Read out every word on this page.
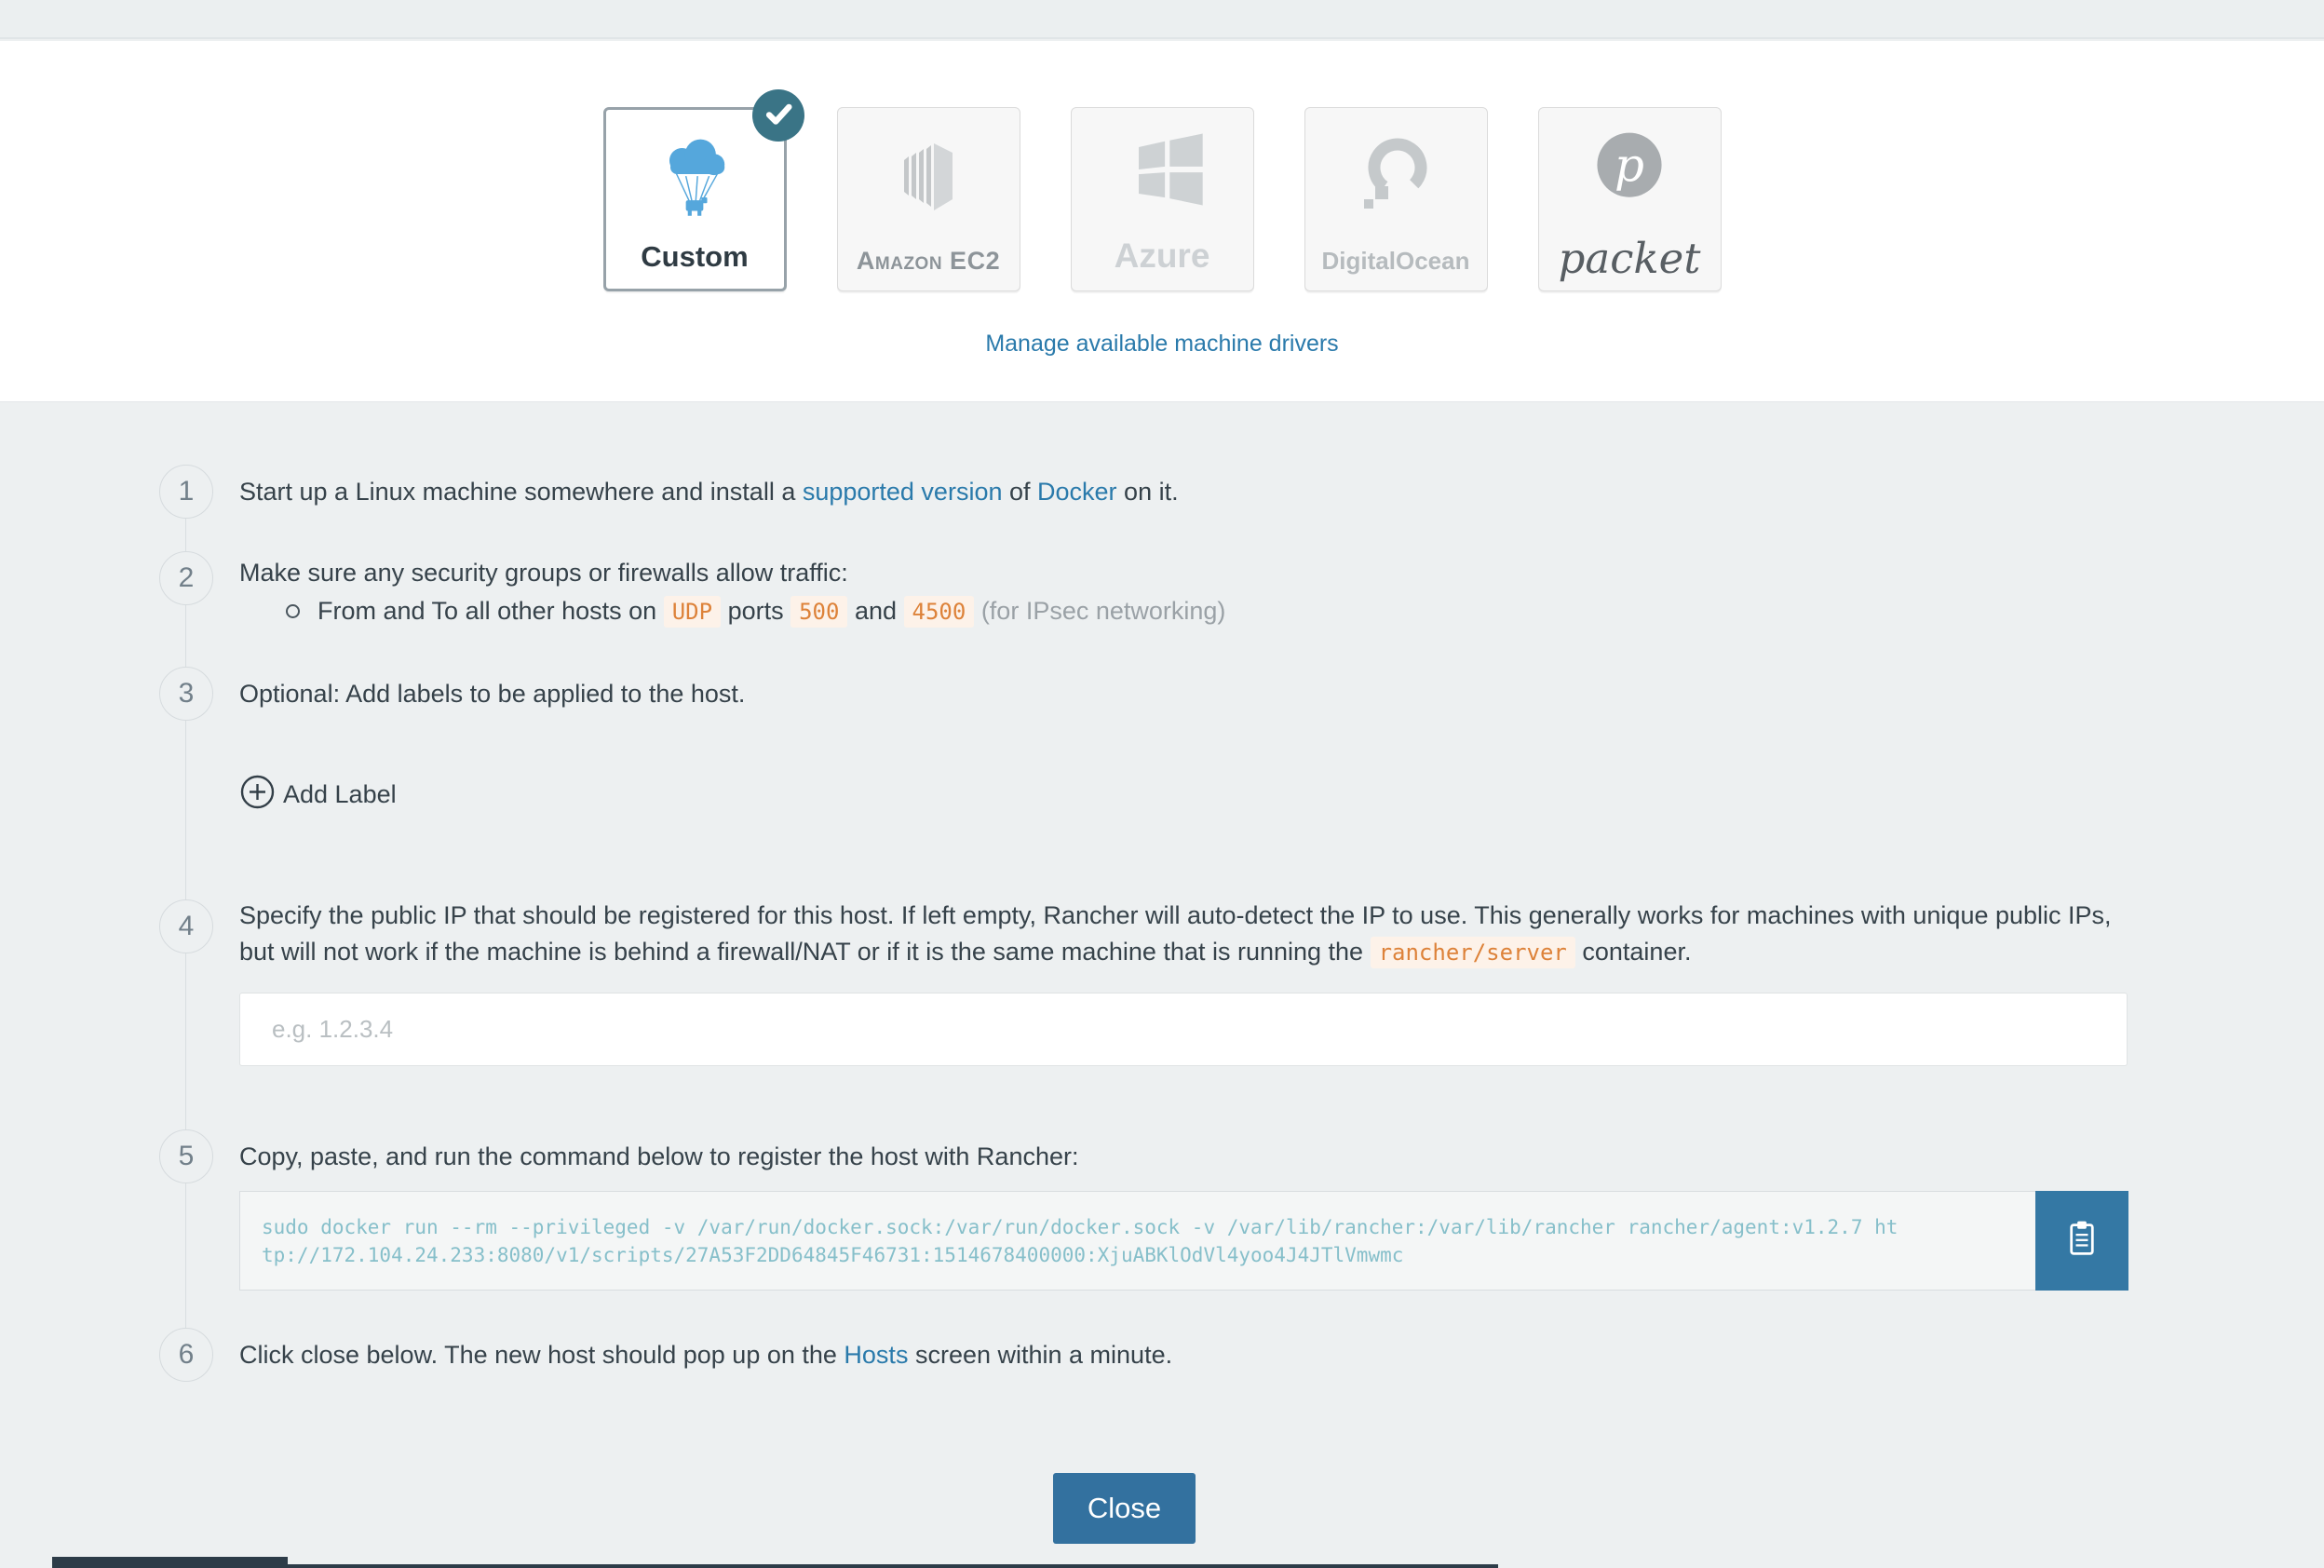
Custom	Amazon EC2	Azure	DigitalOcean
p
packet
Manage available machine drivers
1	Start up a Linux machine somewhere and install a supported version of Docker on it.
2	Make sure any security groups or firewalls allow traffic:
From and To all other hosts on UDP ports 500 and 4500 (for IPsec networking)
3	Optional: Add labels to be applied to the host.
Add Label
4	Specify the public IP that should be registered for this host. If left empty, Rancher will auto-detect the IP to use. This generally works for machines with unique public IPs, but will not work if the machine is behind a firewall/NAT or if it is the same machine that is running the rancher/server container.
e.g. 1.2.3.4
5	Copy, paste, and run the command below to register the host with Rancher:
sudo docker run --rm --privileged -v /var/run/docker.sock:/var/run/docker.sock -v /var/lib/rancher:/var/lib/rancher rancher/agent:v1.2.7 http://172.104.24.233:8080/v1/scripts/27A53F2DD64845F46731:1514678400000:XjuABKlOdVl4yoo4J4JTlVmwmc
6	Click close below. The new host should pop up on the Hosts screen within a minute.
Close
